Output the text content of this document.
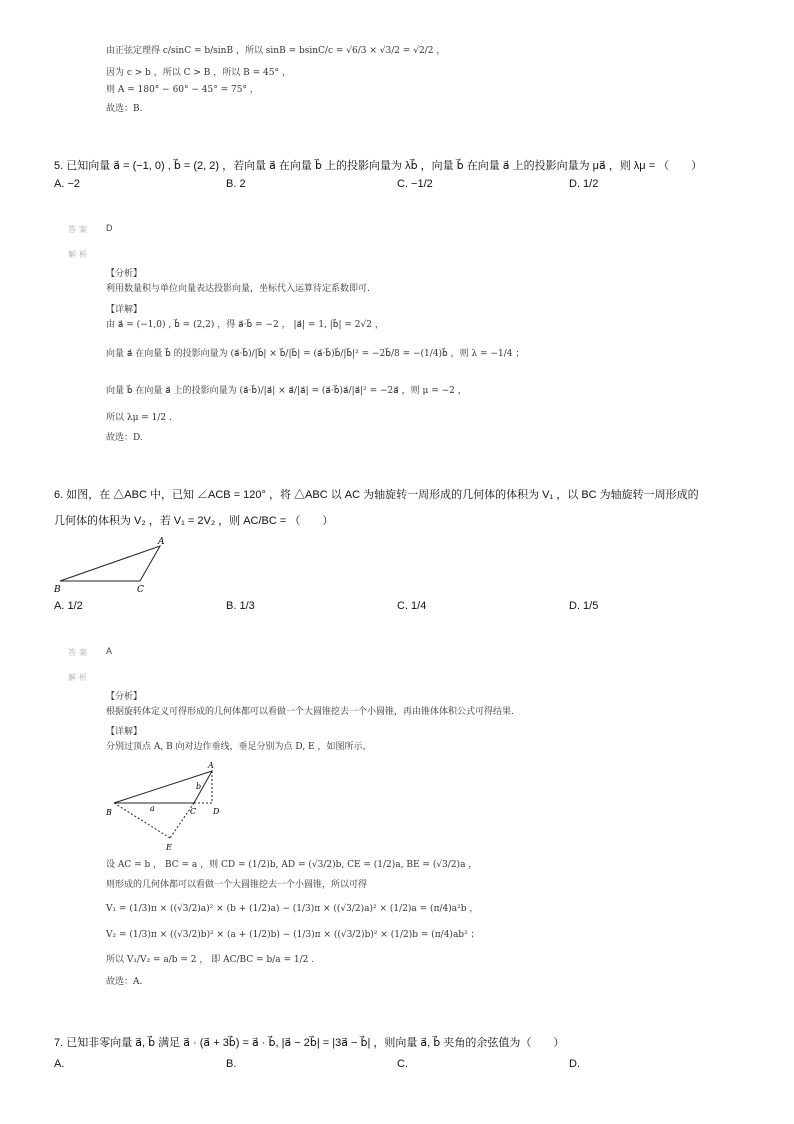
由正弦定理得 c/sinC = b/sinB ，所以 sinB = bsinC/c = √6/3 × √3/2 = √2/2 ，
因为 c > b ，所以 C > B ，所以 B = 45° ，
则 A = 180° − 60° − 45° = 75° ，
故选：B.
5. 已知向量 a⃗ = (−1, 0) , b⃗ = (2, 2) ，若向量 a⃗ 在向量 b⃗ 上的投影向量为 λb⃗ ，向量 b⃗ 在向量 a⃗ 上的投影向量为 μa⃗ ，则 λμ = （　　）
A. −2	B. 2	C. −1/2	D. 1/2
答案 D
解析
【分析】
利用数量积与单位向量表达投影向量，坐标代入运算待定系数即可.
【详解】
由 a⃗ = (−1,0) , b⃗ = (2,2) ，得 a⃗·b⃗ = −2 ， |a⃗| = 1, |b⃗| = 2√2 ，
向量 a⃗ 在向量 b⃗ 的投影向量为 (a⃗·b⃗)/|b⃗| × b⃗/|b⃗| = (a⃗·b⃗)b⃗/|b⃗|² = −2b⃗/8 = −(1/4)b⃗ ，则 λ = −1/4 ；
向量 b⃗ 在向量 a⃗ 上的投影向量为 (a⃗·b⃗)/|a⃗| × a⃗/|a⃗| = (a⃗·b⃗)a⃗/|a⃗|² = −2a⃗ ，则 μ = −2 ，
所以 λμ = 1/2 .
故选：D.
6. 如图，在 △ABC 中，已知 ∠ACB = 120° ，将 △ABC 以 AC 为轴旋转一周形成的几何体的体积为 V₁ ，以 BC 为轴旋转一周形成的
几何体的体积为 V₂ ，若 V₁ = 2V₂ ，则 AC/BC = （　　）
A
B	C
A. 1/2	B. 1/3	C. 1/4	D. 1/5
答案 A
解析
【分析】
根据旋转体定义可得形成的几何体都可以看做一个大圆锥挖去一个小圆锥，再由锥体体积公式可得结果.
【详解】
分别过顶点 A, B 向对边作垂线，垂足分别为点 D, E ，如图所示，
A
B	C D
E
a
b
设 AC = b ， BC = a ，则 CD = (1/2)b, AD = (√3/2)b, CE = (1/2)a, BE = (√3/2)a ，
则形成的几何体都可以看做一个大圆锥挖去一个小圆锥，所以可得
V₁ = (1/3)π × ((√3/2)a)² × (b + (1/2)a) − (1/3)π × ((√3/2)a)² × (1/2)a = (π/4)a²b ，
V₂ = (1/3)π × ((√3/2)b)² × (a + (1/2)b) − (1/3)π × ((√3/2)b)² × (1/2)b = (π/4)ab² ；
所以 V₁/V₂ = a/b = 2 ， 即 AC/BC = b/a = 1/2 .
故选：A.
7. 已知非零向量 a⃗, b⃗ 满足 a⃗ · (a⃗ + 3b⃗) = a⃗ · b⃗, |a⃗ − 2b⃗| = |3a⃗ − b⃗| ，则向量 a⃗, b⃗ 夹角的余弦值为（　　）
A.	B.	C.	D.
